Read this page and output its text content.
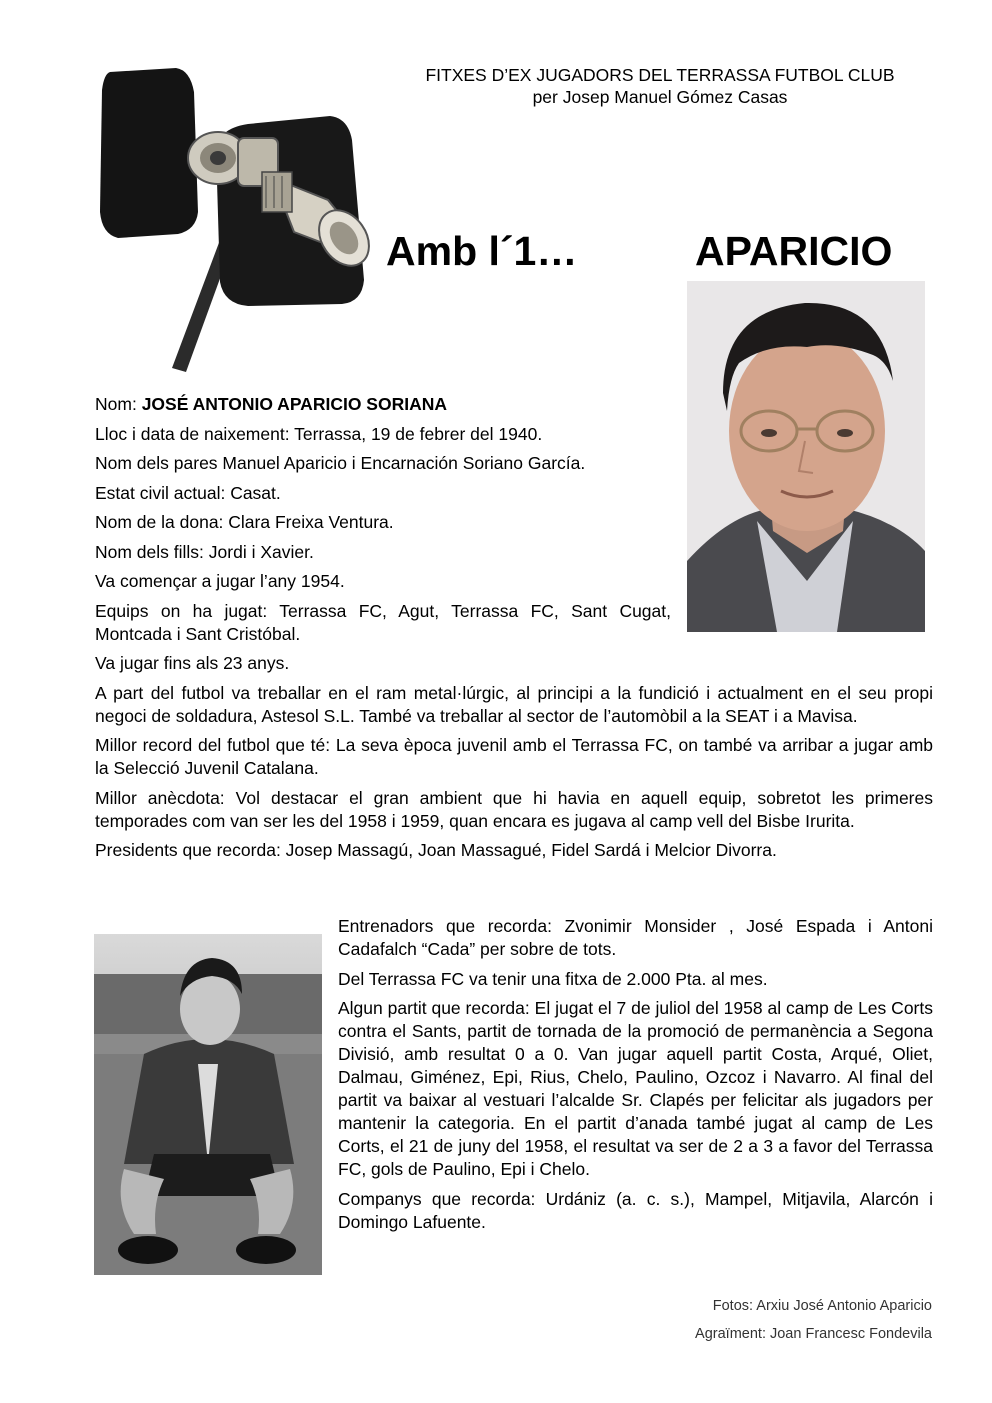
FITXES D’EX JUGADORS DEL TERRASSA FUTBOL CLUB
per Josep Manuel Gómez Casas
Amb l´1…	APARICIO

Nom: JOSÉ ANTONIO APARICIO SORIANA

Lloc i data de naixement: Terrassa, 19 de febrer del 1940.

Nom dels pares Manuel Aparicio i Encarnación Soriano García.

Estat civil actual: Casat.

Nom de la dona: Clara Freixa Ventura.

Nom dels fills: Jordi i Xavier.

Va començar a jugar l’any 1954.

Equips on ha jugat: Terrassa FC, Agut, Terrassa FC, Sant Cugat, Montcada i Sant Cristóbal.

Va jugar fins als 23 anys.

A part del futbol va treballar en el ram metal·lúrgic, al principi a la fundició i actualment en el seu propi negoci de soldadura, Astesol S.L. També va treballar al sector de l’automòbil a la SEAT i a Mavisa.

Millor record del futbol que té: La seva època juvenil amb el Terrassa FC, on també va arribar a jugar amb la Selecció Juvenil Catalana.

Millor anècdota: Vol destacar el gran ambient que hi havia en aquell equip, sobretot les primeres temporades com van ser les del 1958 i 1959, quan encara es jugava al camp vell del Bisbe Irurita.

Presidents que recorda: Josep Massagú, Joan Massagué, Fidel Sardá i Melcior Divorra.

Entrenadors que recorda: Zvonimir Monsider , José Espada i Antoni Cadafalch “Cada” per sobre de tots.

Del Terrassa FC va tenir una fitxa de 2.000 Pta. al mes.

Algun partit que recorda: El jugat el 7 de juliol del 1958 al camp de Les Corts contra el Sants, partit de tornada de la promoció de permanència a Segona Divisió, amb resultat 0 a 0. Van jugar aquell partit Costa, Arqué, Oliet, Dalmau, Giménez, Epi, Rius, Chelo, Paulino, Ozcoz i Navarro. Al final del partit va baixar al vestuari l’alcalde Sr. Clapés per felicitar als jugadors per mantenir la categoria. En el partit d’anada també jugat al camp de Les Corts, el 21 de juny del 1958, el resultat va ser de 2 a 3 a favor del Terrassa FC, gols de Paulino, Epi i Chelo.

Companys que recorda: Urdániz (a. c. s.), Mampel, Mitjavila, Alarcón i Domingo Lafuente.

Fotos: Arxiu José Antonio Aparicio
Agraïment: Joan Francesc Fondevila
